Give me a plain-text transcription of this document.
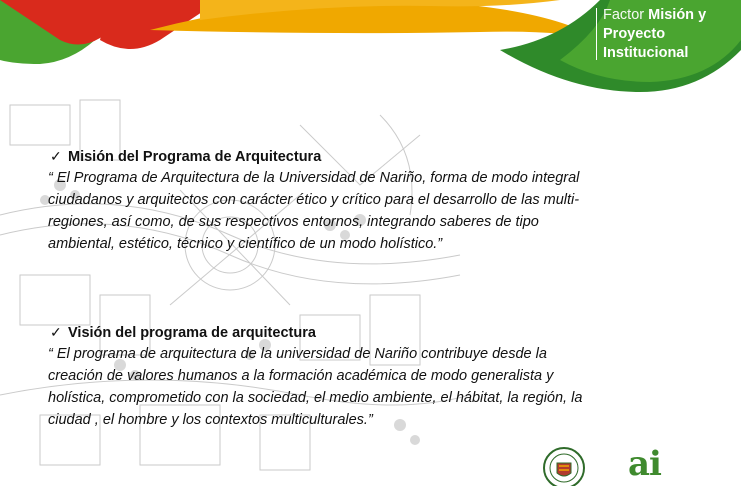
Factor Misión y
Proyecto
Institucional
✓ Misión del Programa de Arquitectura
“ El Programa de Arquitectura de la Universidad de Nariño, forma de modo integral
ciudadanos y arquitectos con carácter ético y crítico para el desarrollo de las multi-
regiones, así como, de sus respectivos entornos, integrando saberes de tipo
ambiental, estético, técnico y científico de un modo holístico.”
✓ Visión del programa de arquitectura
“ El programa de arquitectura de la universidad de Nariño contribuye desde la
creación de valores humanos a la formación académica de modo generalista y
holística, comprometido con la sociedad, el medio ambiente, el hábitat, la región, la
ciudad , el hombre y los contextos multiculturales.”
ai
